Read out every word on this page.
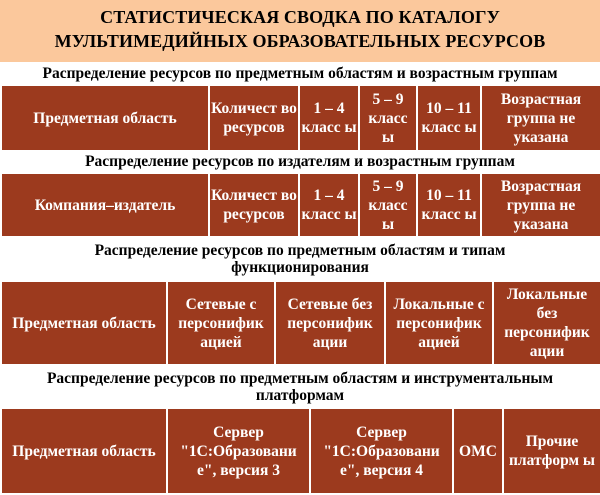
СТАТИСТИЧЕСКАЯ СВОДКА ПО КАТАЛОГУ
МУЛЬТИМЕДИЙНЫХ ОБРАЗОВАТЕЛЬНЫХ РЕСУРСОВ
Распределение ресурсов по предметным областям и возрастным группам
Предметная область	Количест во ресурсов	1 – 4 класс ы	5 – 9 класс ы	10 – 11 класс ы	Возрастная группа не указана
Распределение ресурсов по издателям и возрастным группам
Компания–издатель	Количест во ресурсов	1 – 4 класс ы	5 – 9 класс ы	10 – 11 класс ы	Возрастная группа не указана
Распределение ресурсов по предметным областям и типам
функционирования
Предметная область	Сетевые с персонифик ацией	Сетевые без персонифик ации	Локальные с персонифик ацией	Локальные без персонифик ации
Распределение ресурсов по предметным областям и инструментальным
платформам
Предметная область	Сервер "1С:Образовани е", версия 3	Сервер "1С:Образовани е", версия 4	ОМС	Прочие платформ ы
